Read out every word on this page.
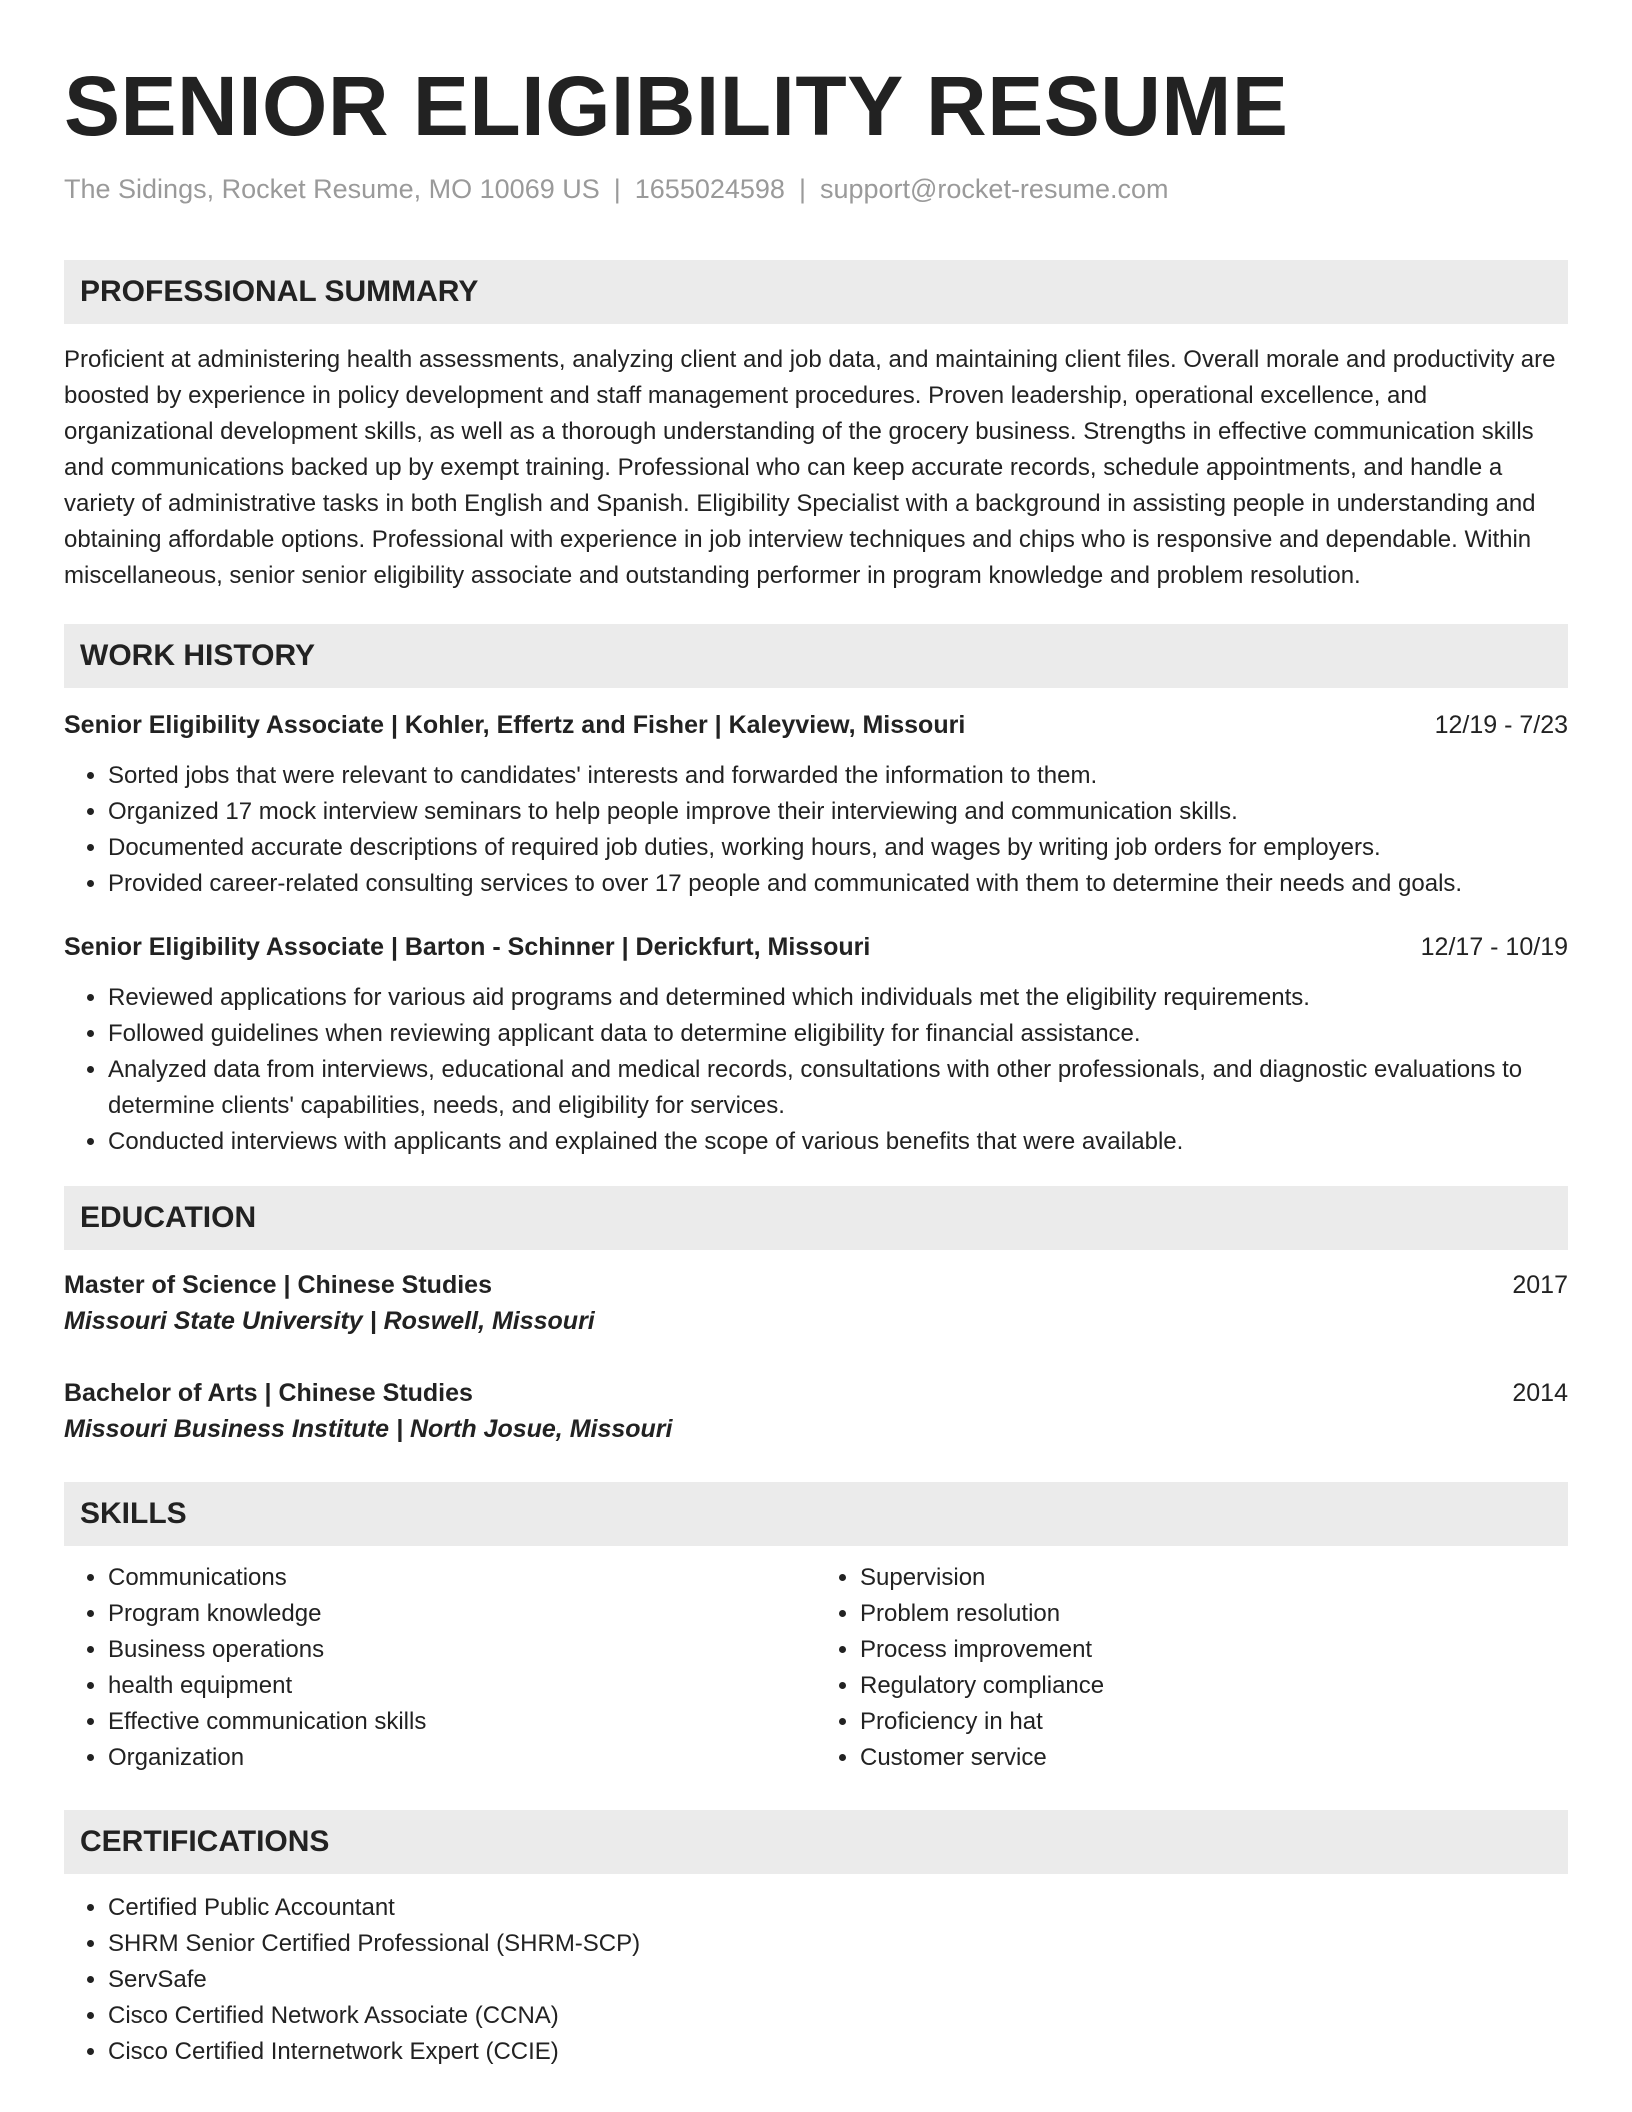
SENIOR ELIGIBILITY RESUME
The Sidings, Rocket Resume, MO 10069 US | 1655024598 | support@rocket-resume.com
PROFESSIONAL SUMMARY

Proficient at administering health assessments, analyzing client and job data, and maintaining client files. Overall morale and productivity are boosted by experience in policy development and staff management procedures. Proven leadership, operational excellence, and organizational development skills, as well as a thorough understanding of the grocery business. Strengths in effective communication skills and communications backed up by exempt training. Professional who can keep accurate records, schedule appointments, and handle a variety of administrative tasks in both English and Spanish. Eligibility Specialist with a background in assisting people in understanding and obtaining affordable options. Professional with experience in job interview techniques and chips who is responsive and dependable. Within miscellaneous, senior senior eligibility associate and outstanding performer in program knowledge and problem resolution.

WORK HISTORY
Senior Eligibility Associate | Kohler, Effertz and Fisher | Kaleyview, Missouri	12/19 - 7/23
• Sorted jobs that were relevant to candidates' interests and forwarded the information to them.
• Organized 17 mock interview seminars to help people improve their interviewing and communication skills.
• Documented accurate descriptions of required job duties, working hours, and wages by writing job orders for employers.
• Provided career-related consulting services to over 17 people and communicated with them to determine their needs and goals.
Senior Eligibility Associate | Barton - Schinner | Derickfurt, Missouri	12/17 - 10/19
• Reviewed applications for various aid programs and determined which individuals met the eligibility requirements.
• Followed guidelines when reviewing applicant data to determine eligibility for financial assistance.
• Analyzed data from interviews, educational and medical records, consultations with other professionals, and diagnostic evaluations to determine clients' capabilities, needs, and eligibility for services.
• Conducted interviews with applicants and explained the scope of various benefits that were available.
EDUCATION
Master of Science | Chinese Studies	2017
Missouri State University | Roswell, Missouri
Bachelor of Arts | Chinese Studies	2014
Missouri Business Institute | North Josue, Missouri
SKILLS
• Communications
• Program knowledge
• Business operations
• health equipment
• Effective communication skills
• Organization
• Supervision
• Problem resolution
• Process improvement
• Regulatory compliance
• Proficiency in hat
• Customer service
CERTIFICATIONS
• Certified Public Accountant
• SHRM Senior Certified Professional (SHRM-SCP)
• ServSafe
• Cisco Certified Network Associate (CCNA)
• Cisco Certified Internetwork Expert (CCIE)
